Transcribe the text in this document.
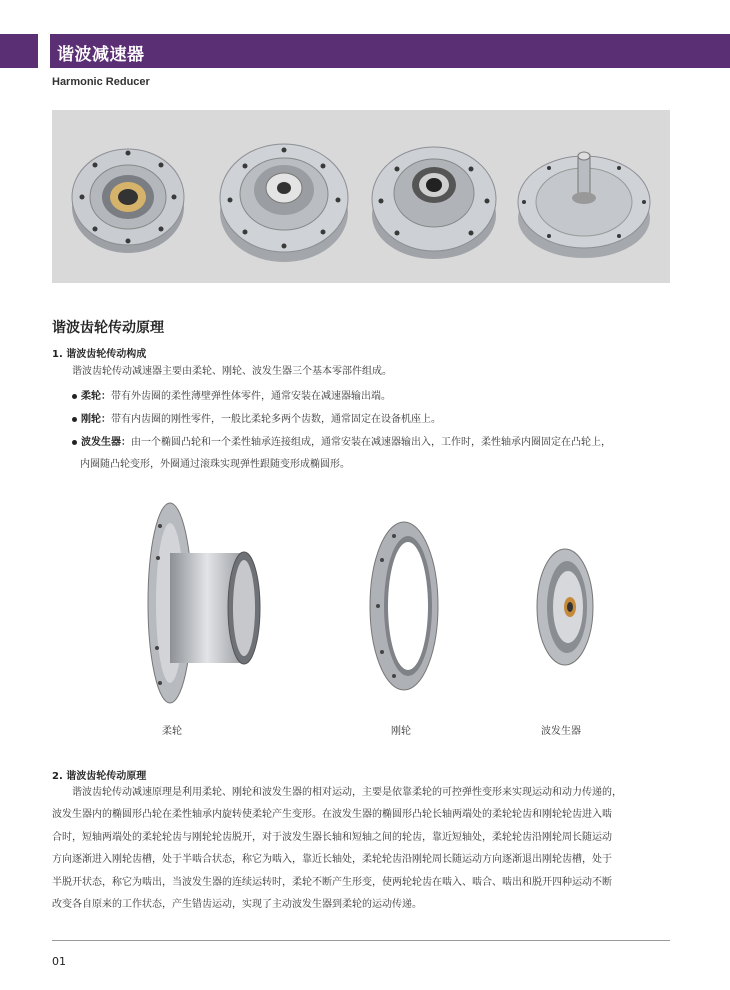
谐波减速器
Harmonic Reducer
谐波齿轮传动原理
1. 谐波齿轮传动构成
谐波齿轮传动减速器主要由柔轮、刚轮、波发生器三个基本零部件组成。
柔轮：带有外齿圈的柔性薄壁弹性体零件，通常安装在减速器输出端。
刚轮：带有内齿圈的刚性零件，一般比柔轮多两个齿数，通常固定在设备机座上。
波发生器：由一个椭圆凸轮和一个柔性轴承连接组成，通常安装在减速器输出入，工作时，柔性轴承内圈固定在凸轮上，
内圈随凸轮变形，外圈通过滚珠实现弹性跟随变形成椭圆形。
柔轮	刚轮	波发生器
2. 谐波齿轮传动原理
谐波齿轮传动减速原理是利用柔轮、刚轮和波发生器的相对运动，主要是依靠柔轮的可控弹性变形来实现运动和动力传递的，
波发生器内的椭圆形凸轮在柔性轴承内旋转使柔轮产生变形。在波发生器的椭圆形凸轮长轴两端处的柔轮轮齿和刚轮轮齿进入啮
合时，短轴两端处的柔轮轮齿与刚轮轮齿脱开，对于波发生器长轴和短轴之间的轮齿，靠近短轴处，柔轮轮齿沿刚轮周长随运动
方向逐渐进入刚轮齿槽，处于半啮合状态，称它为啮入，靠近长轴处，柔轮轮齿沿刚轮周长随运动方向逐渐退出刚轮齿槽，处于
半脱开状态，称它为啮出，当波发生器的连续运转时，柔轮不断产生形变，使两轮轮齿在啮入、啮合、啮出和脱开四种运动不断
改变各自原来的工作状态，产生错齿运动，实现了主动波发生器到柔轮的运动传递。
01
